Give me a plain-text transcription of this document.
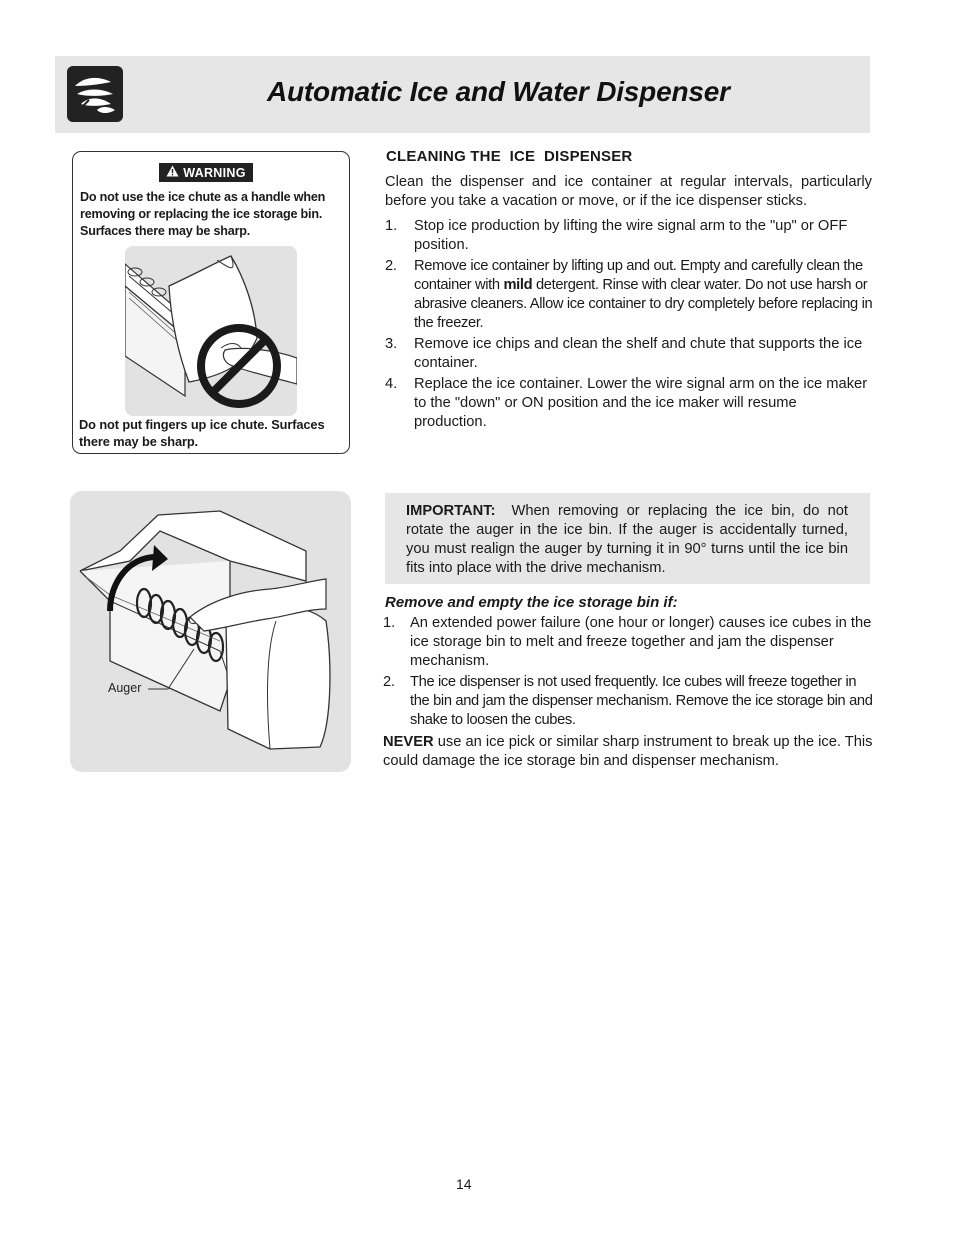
Automatic Ice and Water Dispenser
WARNING
Do not use the ice chute as a handle when removing or replacing the ice storage bin. Surfaces there may be sharp.
Do not put fingers up ice chute. Surfaces there may be sharp.
Auger
CLEANING THE  ICE  DISPENSER
Clean the dispenser and ice container at regular intervals, particularly before you take a vacation or move, or if the ice dispenser sticks.
1. Stop ice production by lifting the wire signal arm to the "up" or OFF position.
2. Remove ice container by lifting up and out. Empty and carefully clean the container with mild detergent. Rinse with clear water. Do not use harsh or abrasive cleaners. Allow ice container to dry completely before replacing in the freezer.
3. Remove ice chips and clean the shelf and chute that supports the ice container.
4. Replace the ice container. Lower the wire signal arm on the ice maker to the "down" or ON position and the ice maker will resume production.
IMPORTANT: When removing or replacing the ice bin, do not rotate the auger in the ice bin. If the auger is accidentally turned, you must realign the auger by turning it in 90° turns until the ice bin fits into place with the drive mechanism.
Remove and empty the ice storage bin if:
1. An extended power failure (one hour or longer) causes ice cubes in the ice storage bin to melt and freeze together and jam the dispenser mechanism.
2. The ice dispenser is not used frequently. Ice cubes will freeze together in the bin and jam the dispenser mechanism. Remove the ice storage bin and shake to loosen the cubes.
NEVER use an ice pick or similar sharp instrument to break up the ice. This could damage the ice storage bin and dispenser mechanism.
14
